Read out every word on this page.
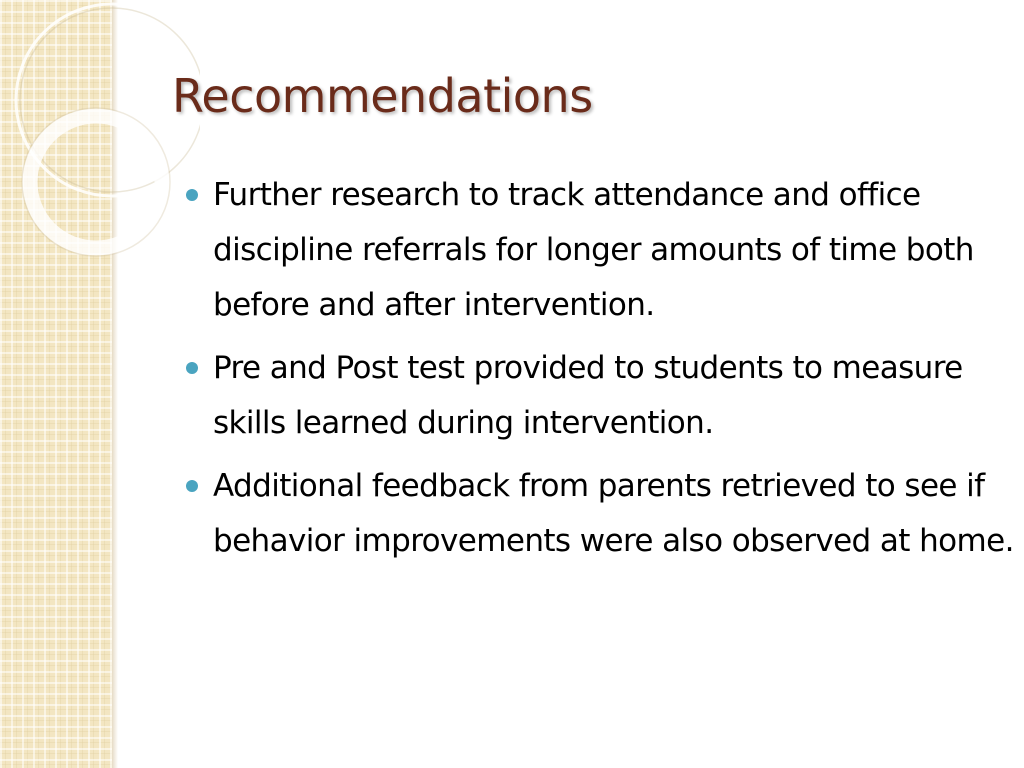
Recommendations
Further research to track attendance and office discipline referrals for longer amounts of time both before and after intervention.
Pre and Post test provided to students to measure skills learned during intervention.
Additional feedback from parents retrieved to see if behavior improvements were also observed at home.
